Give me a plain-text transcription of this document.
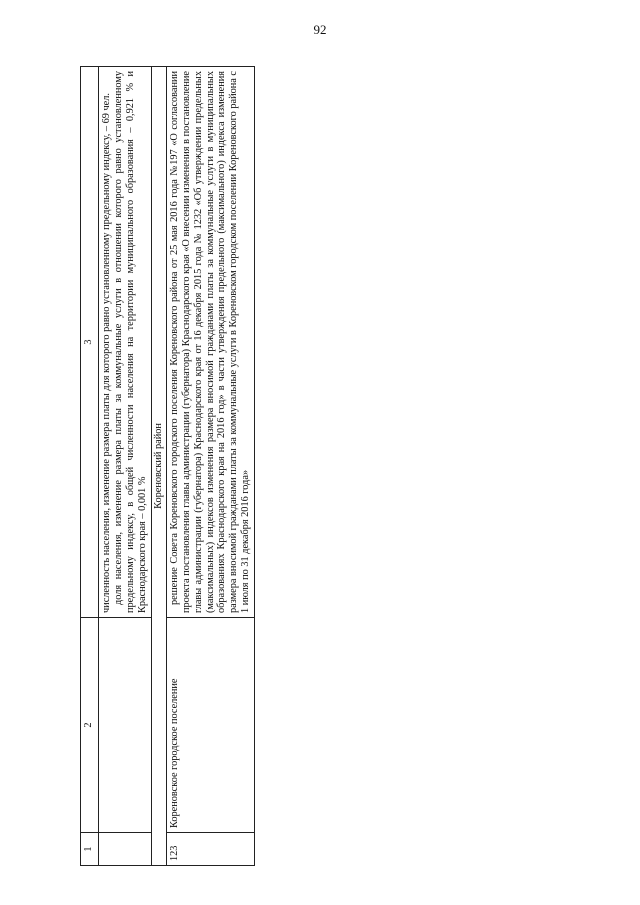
92
1	2	3

		численность населения, изменение размера платы для которого равно установленному предельному индексу, – 69 чел. доля населения, изменение размера платы за коммунальные услуги в отношении которого равно установленному предельному индексу, в общей численности населения на территории муниципального образования – 0,921 % и Краснодарского края – 0,001 %

Кореновский район		
123	Кореновское городское поселение	решение Совета Кореновского городского поселения Кореновского района от 25 мая 2016 года №197 «О согласовании проекта постановления главы администрации (губернатора) Краснодарского края «О внесении изменения в постановление главы администрации (губернатора) Краснодарского края от 16 декабря 2015 года № 1232 «Об утверждении предельных (максимальных) индексов изменения размера вносимой гражданами платы за коммунальные услуги в муниципальных образованиях Краснодарского края на 2016 год» в части утверждения предельного (максимального) индекса изменения размера вносимой гражданами платы за коммунальные услуги в Кореновском городском поселении Кореновского района с 1 июля по 31 декабря 2016 года»
